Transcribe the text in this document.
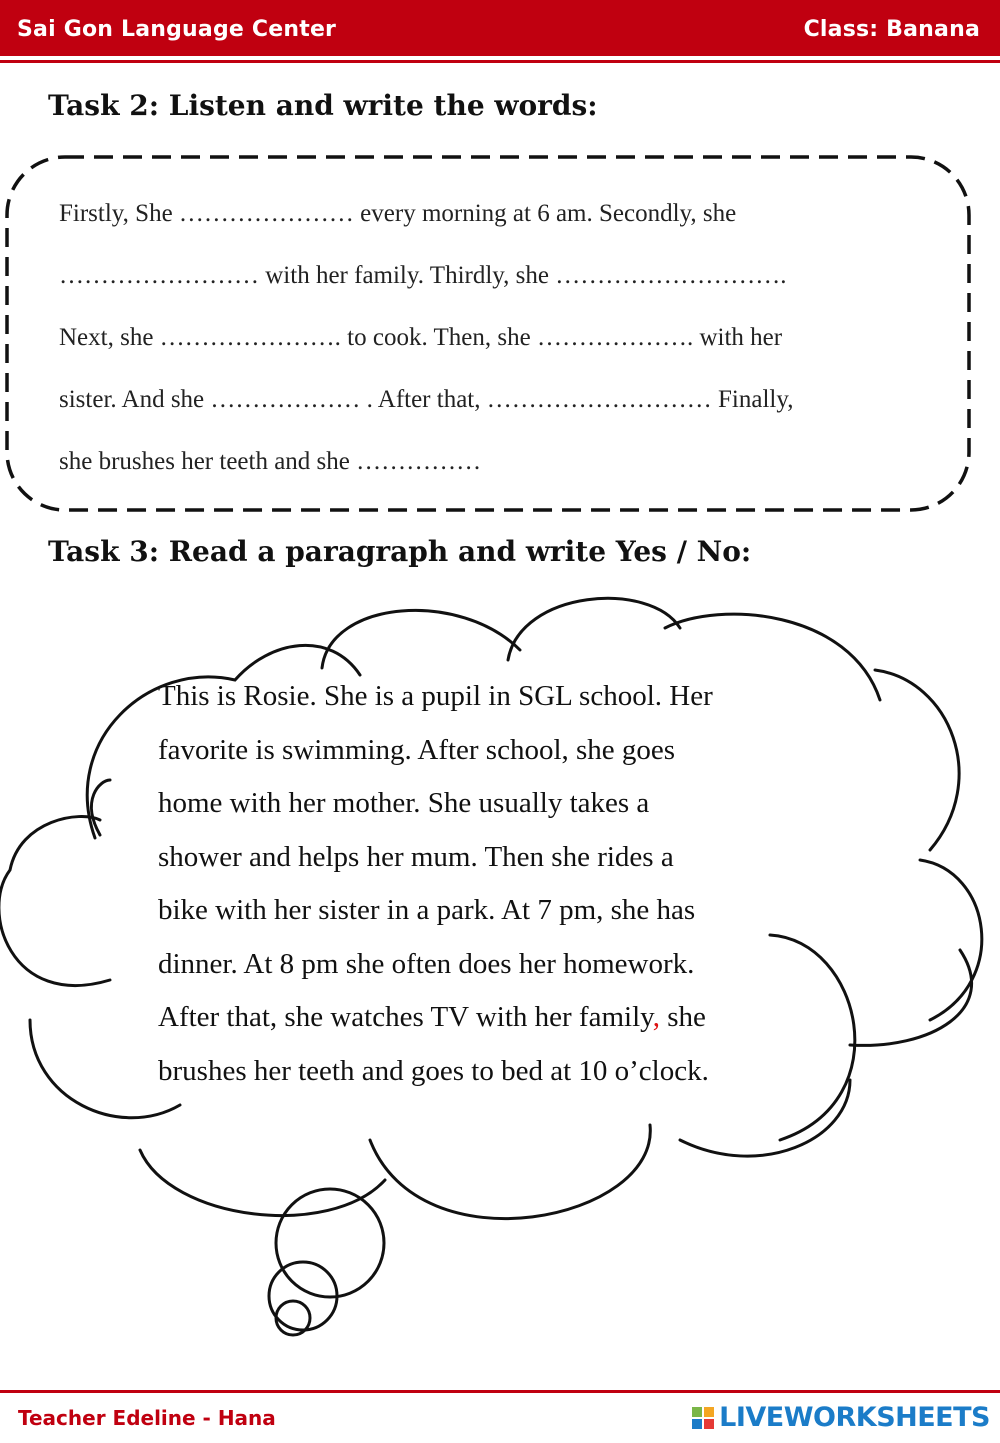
Sai Gon Language Center	Class: Banana
Task 2: Listen and write the words:
Firstly, She ………………… every morning at 6 am. Secondly, she
…………………… with her family. Thirdly, she ……………………….
Next, she …………………. to cook. Then, she ………………. with her
sister. And she ……………… . After that, ……………………… Finally,
she brushes her teeth and she ……………
Task 3: Read a paragraph and write Yes / No:
This is Rosie. She is a pupil in SGL school. Her
favorite is swimming. After school, she goes
home with her mother. She usually takes a
shower and helps her mum. Then she rides a
bike with her sister in a park. At 7 pm, she has
dinner. At 8 pm she often does her homework.
After that, she watches TV with her family, she
brushes her teeth and goes to bed at 10 o’clock.
Teacher Edeline - Hana	LIVEWORKSHEETS
